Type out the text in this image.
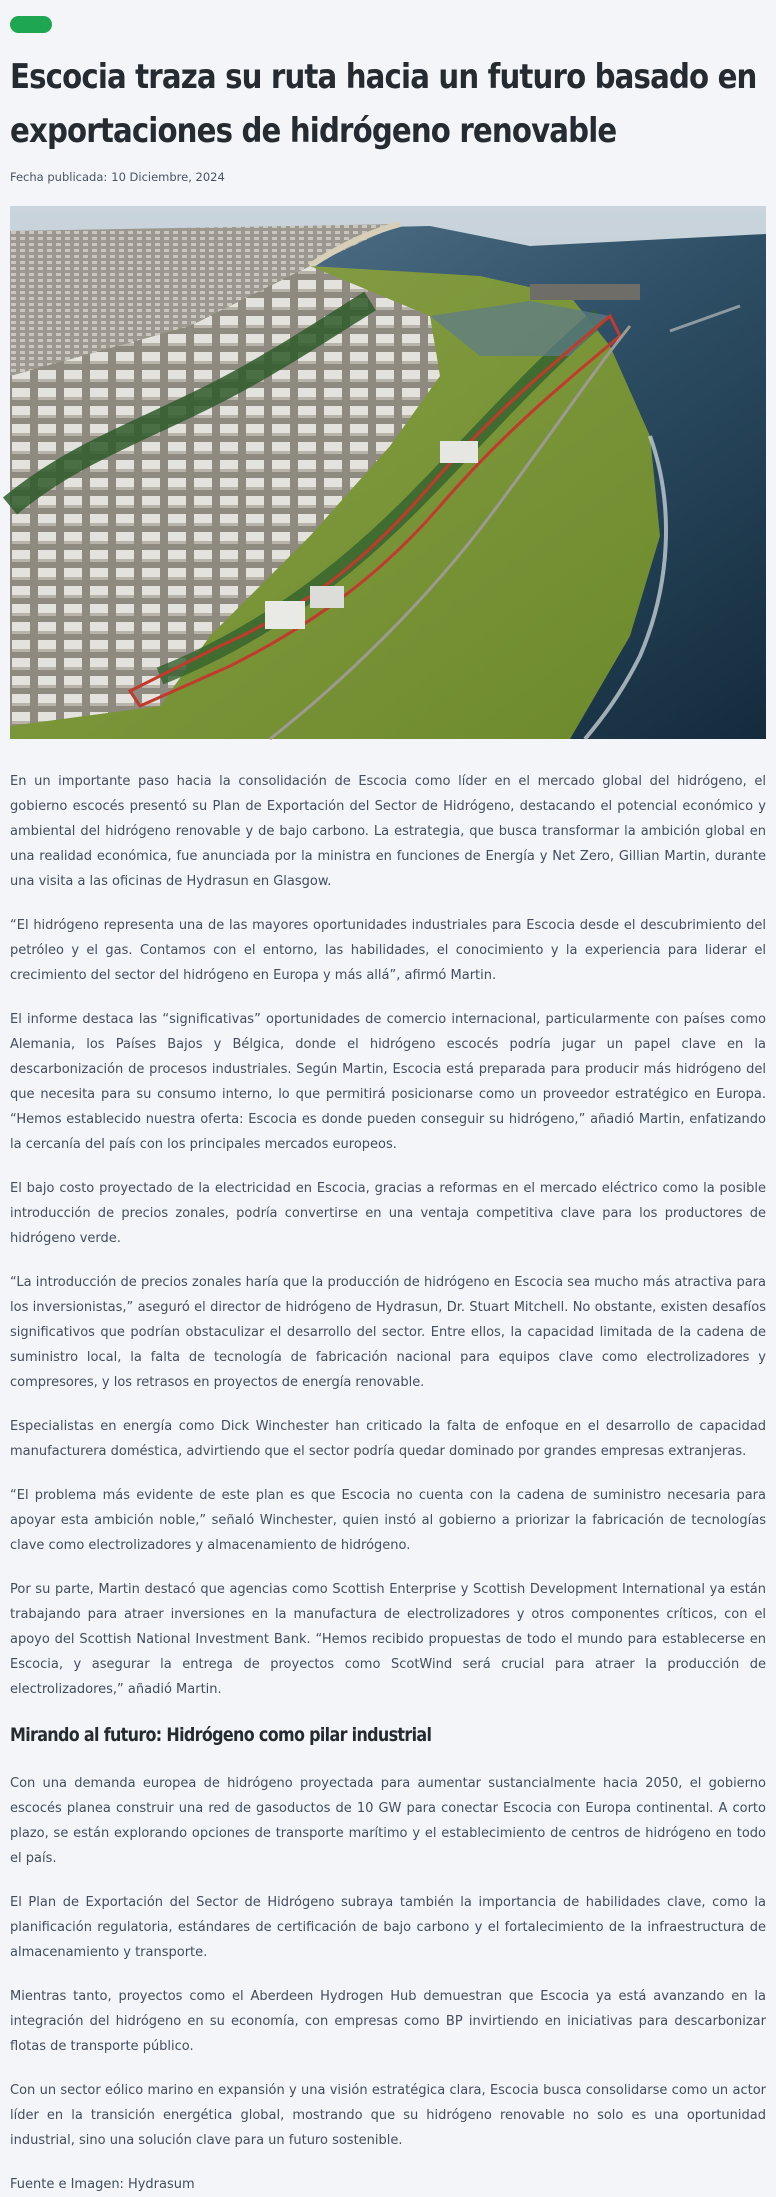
Escocia traza su ruta hacia un futuro basado en exportaciones de hidrógeno renovable
Fecha publicada: 10 Diciembre, 2024

En un importante paso hacia la consolidación de Escocia como líder en el mercado global del hidrógeno, el gobierno escocés presentó su Plan de Exportación del Sector de Hidrógeno, destacando el potencial económico y ambiental del hidrógeno renovable y de bajo carbono. La estrategia, que busca transformar la ambición global en una realidad económica, fue anunciada por la ministra en funciones de Energía y Net Zero, Gillian Martin, durante una visita a las oficinas de Hydrasun en Glasgow.

“El hidrógeno representa una de las mayores oportunidades industriales para Escocia desde el descubrimiento del petróleo y el gas. Contamos con el entorno, las habilidades, el conocimiento y la experiencia para liderar el crecimiento del sector del hidrógeno en Europa y más allá”, afirmó Martin.

El informe destaca las “significativas” oportunidades de comercio internacional, particularmente con países como Alemania, los Países Bajos y Bélgica, donde el hidrógeno escocés podría jugar un papel clave en la descarbonización de procesos industriales. Según Martin, Escocia está preparada para producir más hidrógeno del que necesita para su consumo interno, lo que permitirá posicionarse como un proveedor estratégico en Europa. “Hemos establecido nuestra oferta: Escocia es donde pueden conseguir su hidrógeno,” añadió Martin, enfatizando la cercanía del país con los principales mercados europeos.

El bajo costo proyectado de la electricidad en Escocia, gracias a reformas en el mercado eléctrico como la posible introducción de precios zonales, podría convertirse en una ventaja competitiva clave para los productores de hidrógeno verde.

“La introducción de precios zonales haría que la producción de hidrógeno en Escocia sea mucho más atractiva para los inversionistas,” aseguró el director de hidrógeno de Hydrasun, Dr. Stuart Mitchell. No obstante, existen desafíos significativos que podrían obstaculizar el desarrollo del sector. Entre ellos, la capacidad limitada de la cadena de suministro local, la falta de tecnología de fabricación nacional para equipos clave como electrolizadores y compresores, y los retrasos en proyectos de energía renovable.

Especialistas en energía como Dick Winchester han criticado la falta de enfoque en el desarrollo de capacidad manufacturera doméstica, advirtiendo que el sector podría quedar dominado por grandes empresas extranjeras.

“El problema más evidente de este plan es que Escocia no cuenta con la cadena de suministro necesaria para apoyar esta ambición noble,” señaló Winchester, quien instó al gobierno a priorizar la fabricación de tecnologías clave como electrolizadores y almacenamiento de hidrógeno.

Por su parte, Martin destacó que agencias como Scottish Enterprise y Scottish Development International ya están trabajando para atraer inversiones en la manufactura de electrolizadores y otros componentes críticos, con el apoyo del Scottish National Investment Bank. “Hemos recibido propuestas de todo el mundo para establecerse en Escocia, y asegurar la entrega de proyectos como ScotWind será crucial para atraer la producción de electrolizadores,” añadió Martin.

Mirando al futuro: Hidrógeno como pilar industrial

Con una demanda europea de hidrógeno proyectada para aumentar sustancialmente hacia 2050, el gobierno escocés planea construir una red de gasoductos de 10 GW para conectar Escocia con Europa continental. A corto plazo, se están explorando opciones de transporte marítimo y el establecimiento de centros de hidrógeno en todo el país.

El Plan de Exportación del Sector de Hidrógeno subraya también la importancia de habilidades clave, como la planificación regulatoria, estándares de certificación de bajo carbono y el fortalecimiento de la infraestructura de almacenamiento y transporte.

Mientras tanto, proyectos como el Aberdeen Hydrogen Hub demuestran que Escocia ya está avanzando en la integración del hidrógeno en su economía, con empresas como BP invirtiendo en iniciativas para descarbonizar flotas de transporte público.

Con un sector eólico marino en expansión y una visión estratégica clara, Escocia busca consolidarse como un actor líder en la transición energética global, mostrando que su hidrógeno renovable no solo es una oportunidad industrial, sino una solución clave para un futuro sostenible.

Fuente e Imagen: Hydrasum
